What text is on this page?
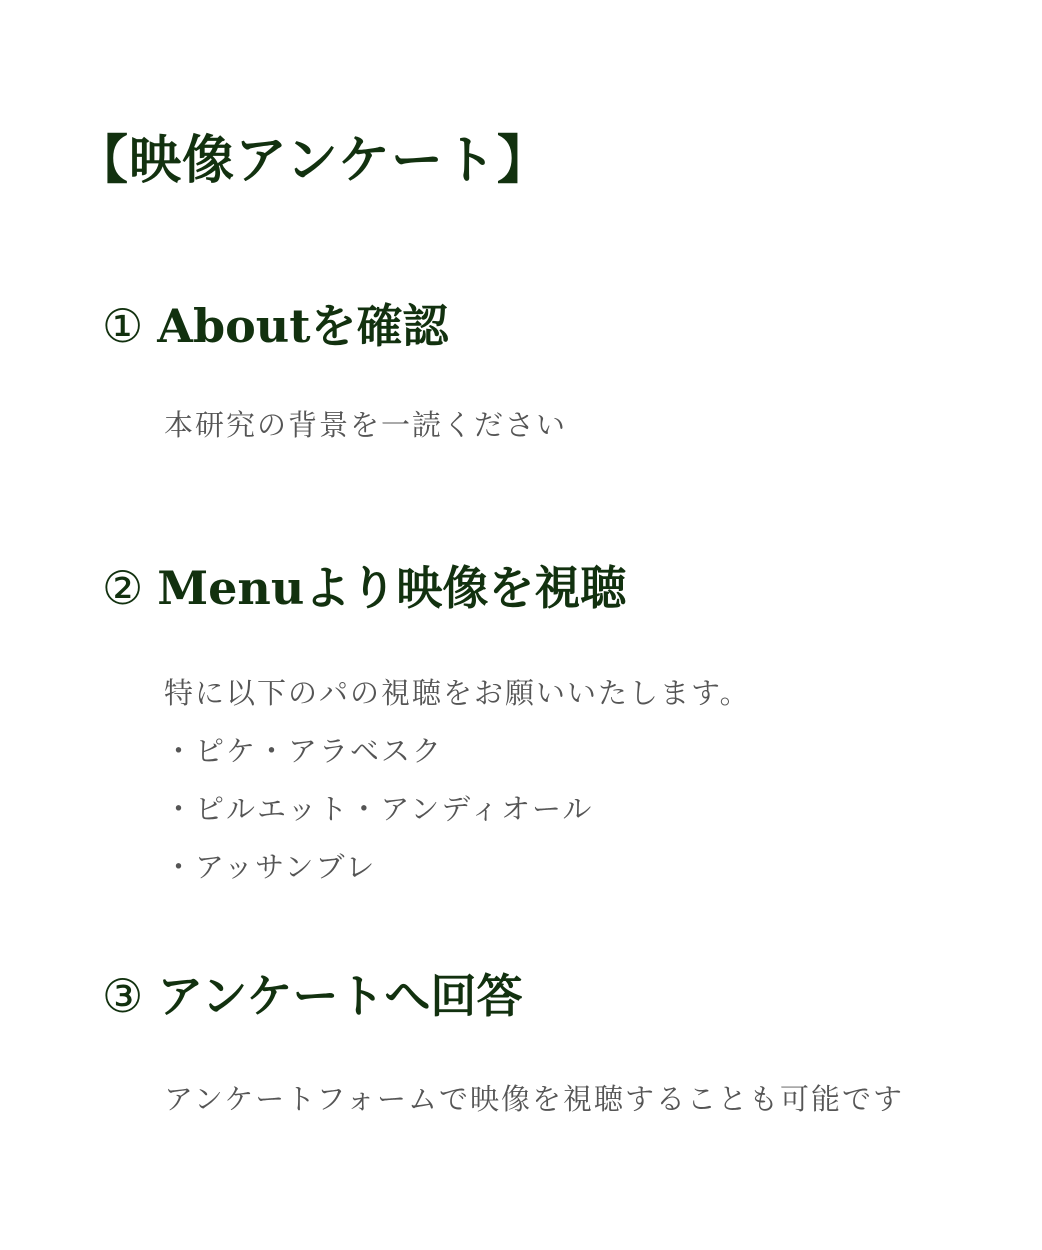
【映像アンケート】
① Aboutを確認

本研究の背景を一読ください

② Menuより映像を視聴

特に以下のパの視聴をお願いいたします。

・ピケ・アラベスク
・ピルエット・アンディオール
・アッサンブレ
③ アンケートへ回答

アンケートフォームで映像を視聴することも可能です
